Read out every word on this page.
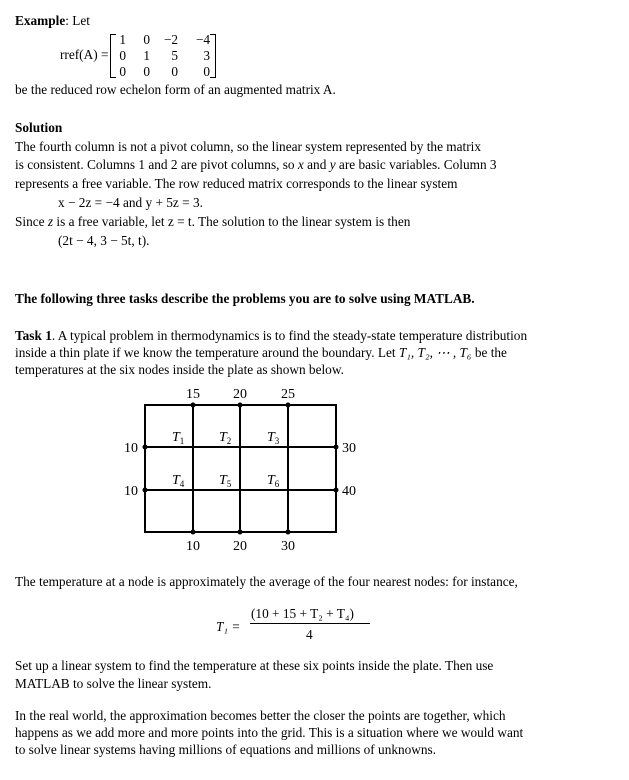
Example: Let
rref(A) =
1	0	−2	−4
0	1	5	3
0	0	0	0
be the reduced row echelon form of an augmented matrix A.
Solution
The fourth column is not a pivot column, so the linear system represented by the matrix
is consistent. Columns 1 and 2 are pivot columns, so x and y are basic variables. Column 3
represents a free variable. The row reduced matrix corresponds to the linear system
x − 2z = −4 and y + 5z = 3.
Since z is a free variable, let z = t. The solution to the linear system is then
(2t − 4, 3 − 5t, t).
The following three tasks describe the problems you are to solve using MATLAB.
Task 1. A typical problem in thermodynamics is to find the steady-state temperature distribution
inside a thin plate if we know the temperature around the boundary. Let T₁, T₂, ⋯ , T₆ be the
temperatures at the six nodes inside the plate as shown below.
15 20 25
10 20 30
10
10
30
40
$T_1$ $T_2$	$T_3$
$T_4$ $T_5$	$T_6$
The temperature at a node is approximately the average of the four nearest nodes: for instance,
T₁ =
(10 + 15 + T₂ + T₄)
4
Set up a linear system to find the temperature at these six points inside the plate. Then use
MATLAB to solve the linear system.
In the real world, the approximation becomes better the closer the points are together, which
happens as we add more and more points into the grid. This is a situation where we would want
to solve linear systems having millions of equations and millions of unknowns.
